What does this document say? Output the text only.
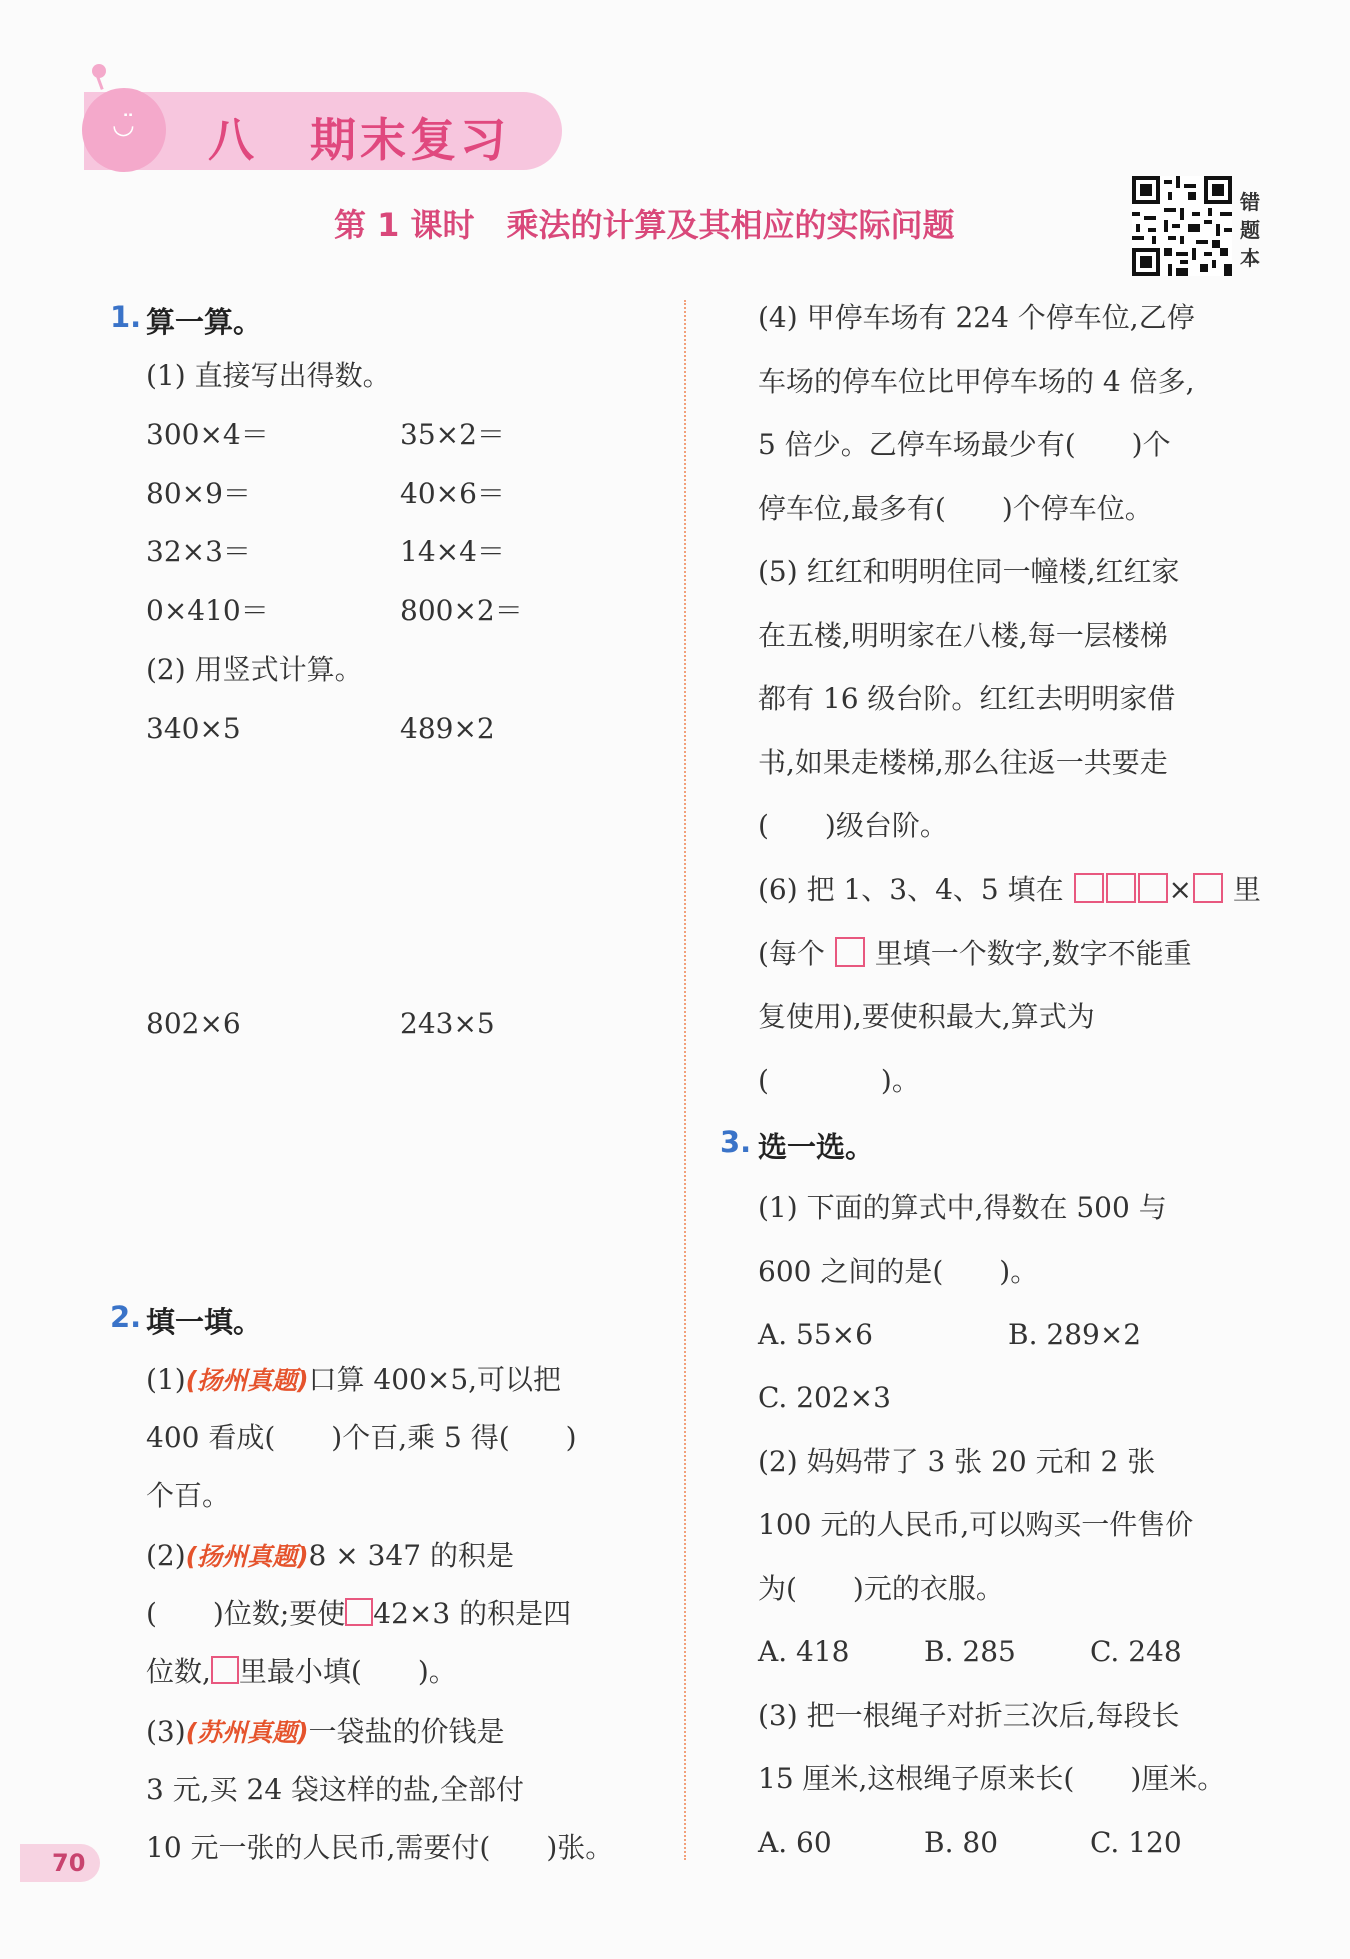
◡̈ 八 期末复习
第 1 课时　乘法的计算及其相应的实际问题
错
题
本
1. 算一算。
(1) 直接写出得数。
300×4＝	35×2＝
80×9＝	40×6＝
32×3＝	14×4＝
0×410＝	800×2＝
(2) 用竖式计算。
340×5	489×2
802×6	243×5
2. 填一填。
(1)(扬州真题)口算 400×5,可以把
400 看成(　　)个百,乘 5 得(　　)
个百。
(2)(扬州真题)8 × 347 的积是
(　　)位数;要使 42×3 的积是四
位数, 里最小填(　　)。
(3)(苏州真题)一袋盐的价钱是
3 元,买 24 袋这样的盐,全部付
10 元一张的人民币,需要付(　　)张。
(4) 甲停车场有 224 个停车位,乙停
车场的停车位比甲停车场的 4 倍多,
5 倍少。乙停车场最少有(　　)个
停车位,最多有(　　)个停车位。
(5) 红红和明明住同一幢楼,红红家
在五楼,明明家在八楼,每一层楼梯
都有 16 级台阶。红红去明明家借
书,如果走楼梯,那么往返一共要走
(　　)级台阶。
(6) 把 1、3、4、5 填在	× 里
(每个 里填一个数字,数字不能重
复使用),要使积最大,算式为
(　　　　)。
3. 选一选。
(1) 下面的算式中,得数在 500 与
600 之间的是(　　)。
A. 55×6	B. 289×2
C. 202×3
(2) 妈妈带了 3 张 20 元和 2 张
100 元的人民币,可以购买一件售价
为(　　)元的衣服。
A. 418	B. 285	C. 248
(3) 把一根绳子对折三次后,每段长
15 厘米,这根绳子原来长(　　)厘米。
A. 60	B. 80	C. 120
70
